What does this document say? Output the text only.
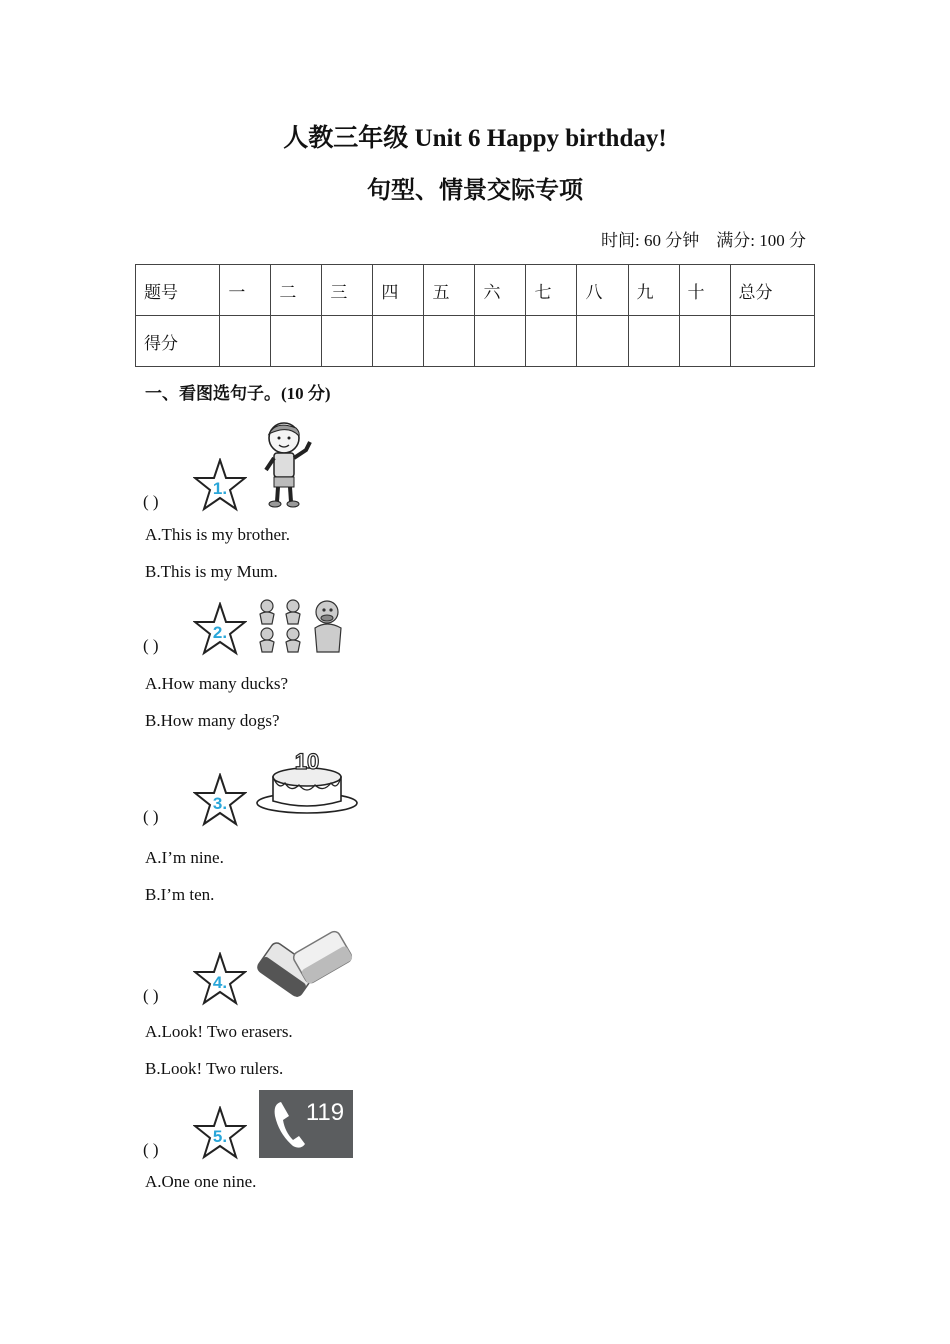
人教三年级 Unit 6 Happy birthday!
句型、情景交际专项
时间: 60 分钟 满分: 100 分
题号	一	二	三	四	五	六	七	八	九	十	总分
得分											
一、看图选句子。(10 分)
( )
1.
A.This is my brother.
B.This is my Mum.
( )
2.
A.How many ducks?
B.How many dogs?
( )
3.
10
A.I’m nine.
B.I’m ten.
( )
4.
A.Look! Two erasers.
B.Look! Two rulers.
( )
5.
119
A.One one nine.
